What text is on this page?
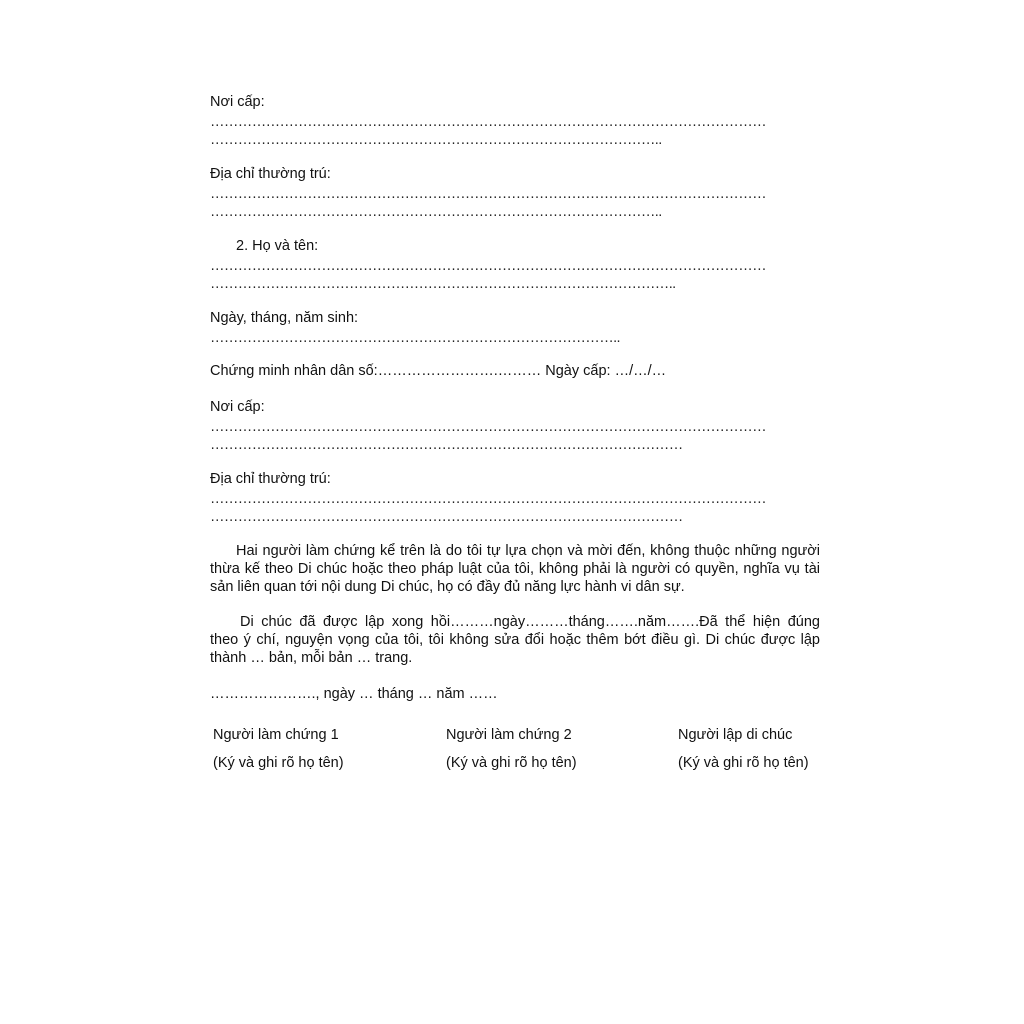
Nơi cấp:
…………………………………………………………………………………………………………
……………………………………………………………………………………..
Địa chỉ thường trú:
…………………………………………………………………………………………………………
……………………………………………………………………………………..
2. Họ và tên:
…………………………………………………………………………………………………………
………………………………………………………………………………………..
Ngày, tháng, năm sinh:
……………………………………………………………………………..
Chứng minh nhân dân số:…………………….……… Ngày cấp: …/…/…
Nơi cấp:
…………………………………………………………………………………………………………
…………………………………………………………………………………………
Địa chỉ thường trú:
…………………………………………………………………………………………………………
…………………………………………………………………………………………
Hai người làm chứng kể trên là do tôi tự lựa chọn và mời đến, không thuộc những người thừa kế theo Di chúc hoặc theo pháp luật của tôi, không phải là người có quyền, nghĩa vụ tài sản liên quan tới nội dung Di chúc, họ có đầy đủ năng lực hành vi dân sự.
Di chúc đã được lập xong hồi………ngày………tháng…….năm…….Đã thể hiện đúng theo ý chí, nguyện vọng của tôi, tôi không sửa đổi hoặc thêm bớt điều gì. Di chúc được lập thành … bản, mỗi bản … trang.
…………………., ngày … tháng … năm ……
Người làm chứng 1
(Ký và ghi rõ họ tên)
Người làm chứng 2
(Ký và ghi rõ họ tên)
Người lập di chúc
(Ký và ghi rõ họ tên)
